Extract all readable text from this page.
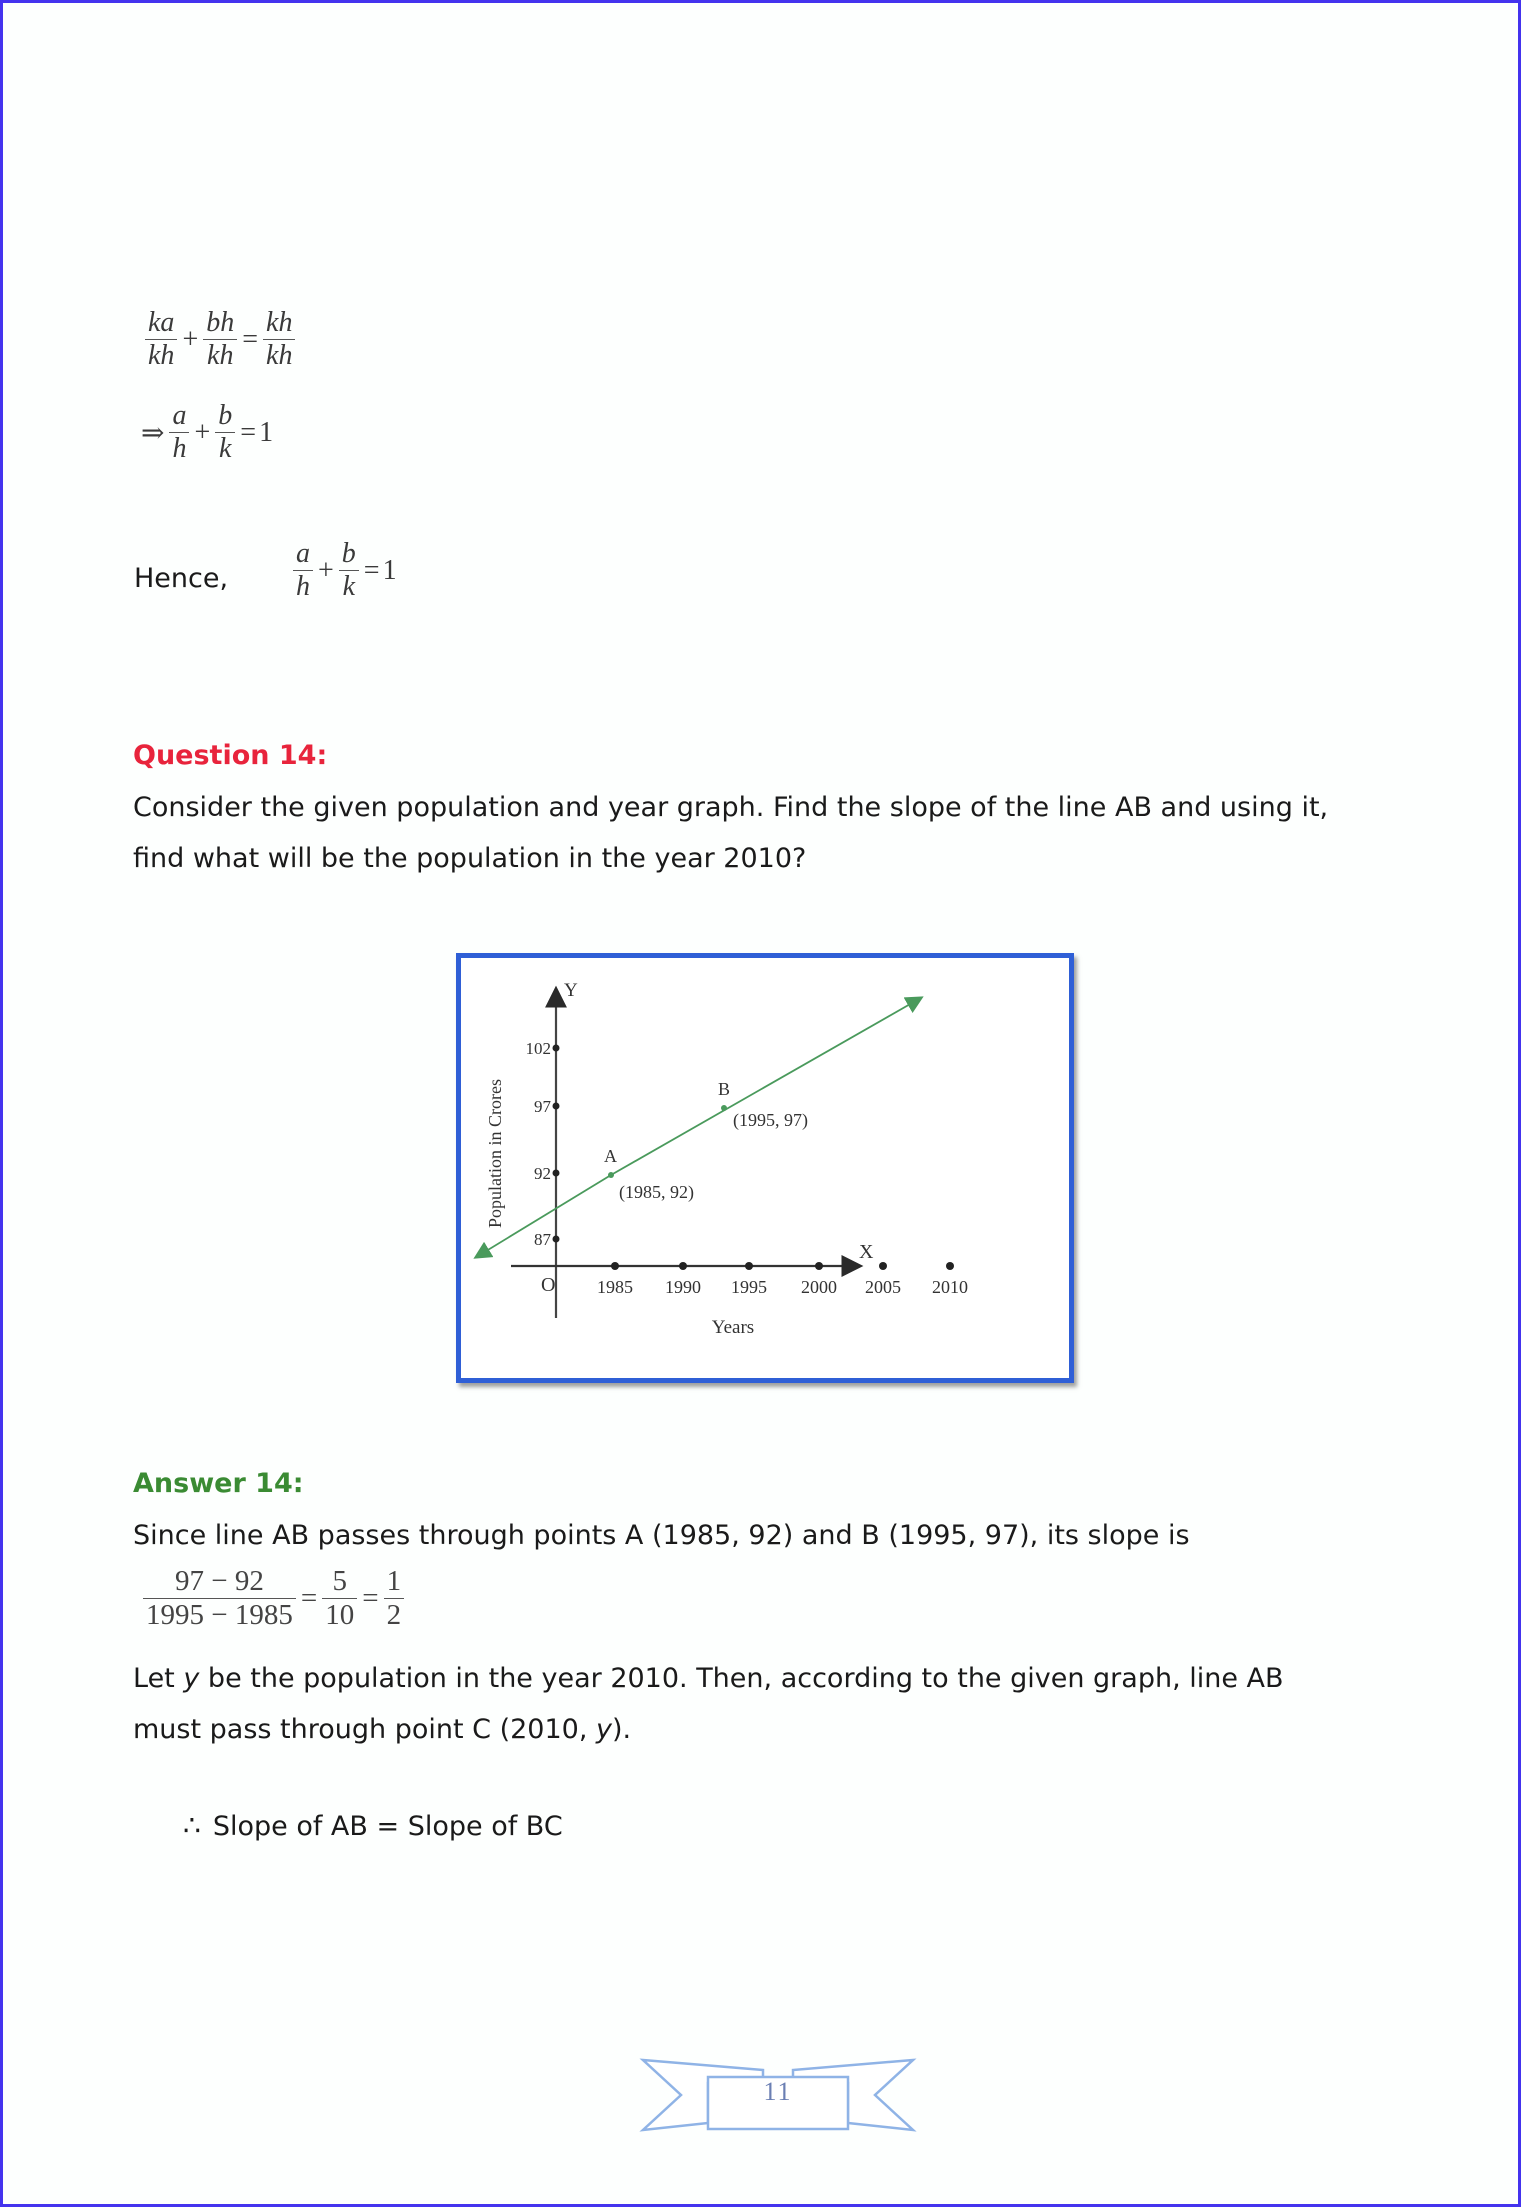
$\frac{ka}{kh} + \frac{bh}{kh} = \frac{kh}{kh}$
⇒ $\frac{a}{h} + \frac{b}{k} = 1$
Hence, $\frac{a}{h} + \frac{b}{k} = 1$
Question 14:
Consider the given population and year graph. Find the slope of the line AB and using it,
find what will be the population in the year 2010?
Y
X
O
102
97
92
87
1985 1990 1995 2000 2005 2010
A
B
(1985, 92)
(1995, 97)
Population in Crores
Years
Answer 14:
Since line AB passes through points A (1985, 92) and B (1995, 97), its slope is
$\frac{97 - 92}{1995 - 1985} = \frac{5}{10} = \frac{1}{2}$
Let y be the population in the year 2010. Then, according to the given graph, line AB
must pass through point C (2010, y).
∴ Slope of AB = Slope of BC
11
